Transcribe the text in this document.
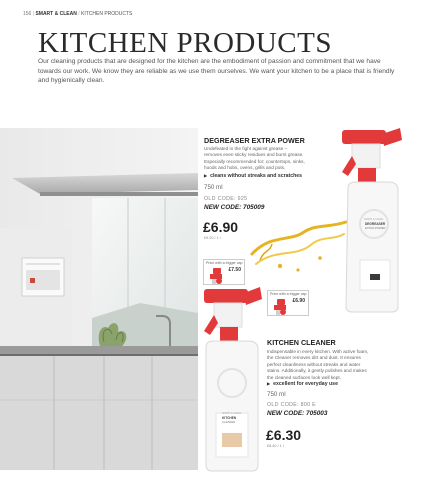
156 | SMART & CLEAN / KITCHEN PRODUCTS
KITCHEN PRODUCTS
Our cleaning products that are designed for the kitchen are the embodiment of passion and commitment that we have towards our work. We know they are reliable as we use them ourselves. We want your kitchen to be a place that is friendly and hygienically clean.
DEGREASER EXTRA POWER
Undefeated in the fight against grease – removes even sticky residues and burnt grease. Especially recommended for: countertops, sinks, hoods and hobs, ovens, grills and pots.
▶ cleans without streaks and scratches
750 ml
OLD CODE: 925
NEW CODE: 705009
£6.90
£9.20 / 1 l
Price with a trigger cap
£7.50
DEGREASER
EXTRA POWER
SMART & CLEAN
Price with a trigger cap
£6.90
KITCHEN CLEANER
Indispensable in every kitchen. With active foam, the Cleaner removes dirt and dust. It ensures perfect cleanliness without streaks and water stains. Additionally, it gently polishes and makes the cleaned surfaces look well kept.
▶ excellent for everyday use
750 ml
OLD CODE: 800 E
NEW CODE: 705003
£6.30
£8.40 / 1 l
SMART & CLEAN
KITCHEN
CLEANER
